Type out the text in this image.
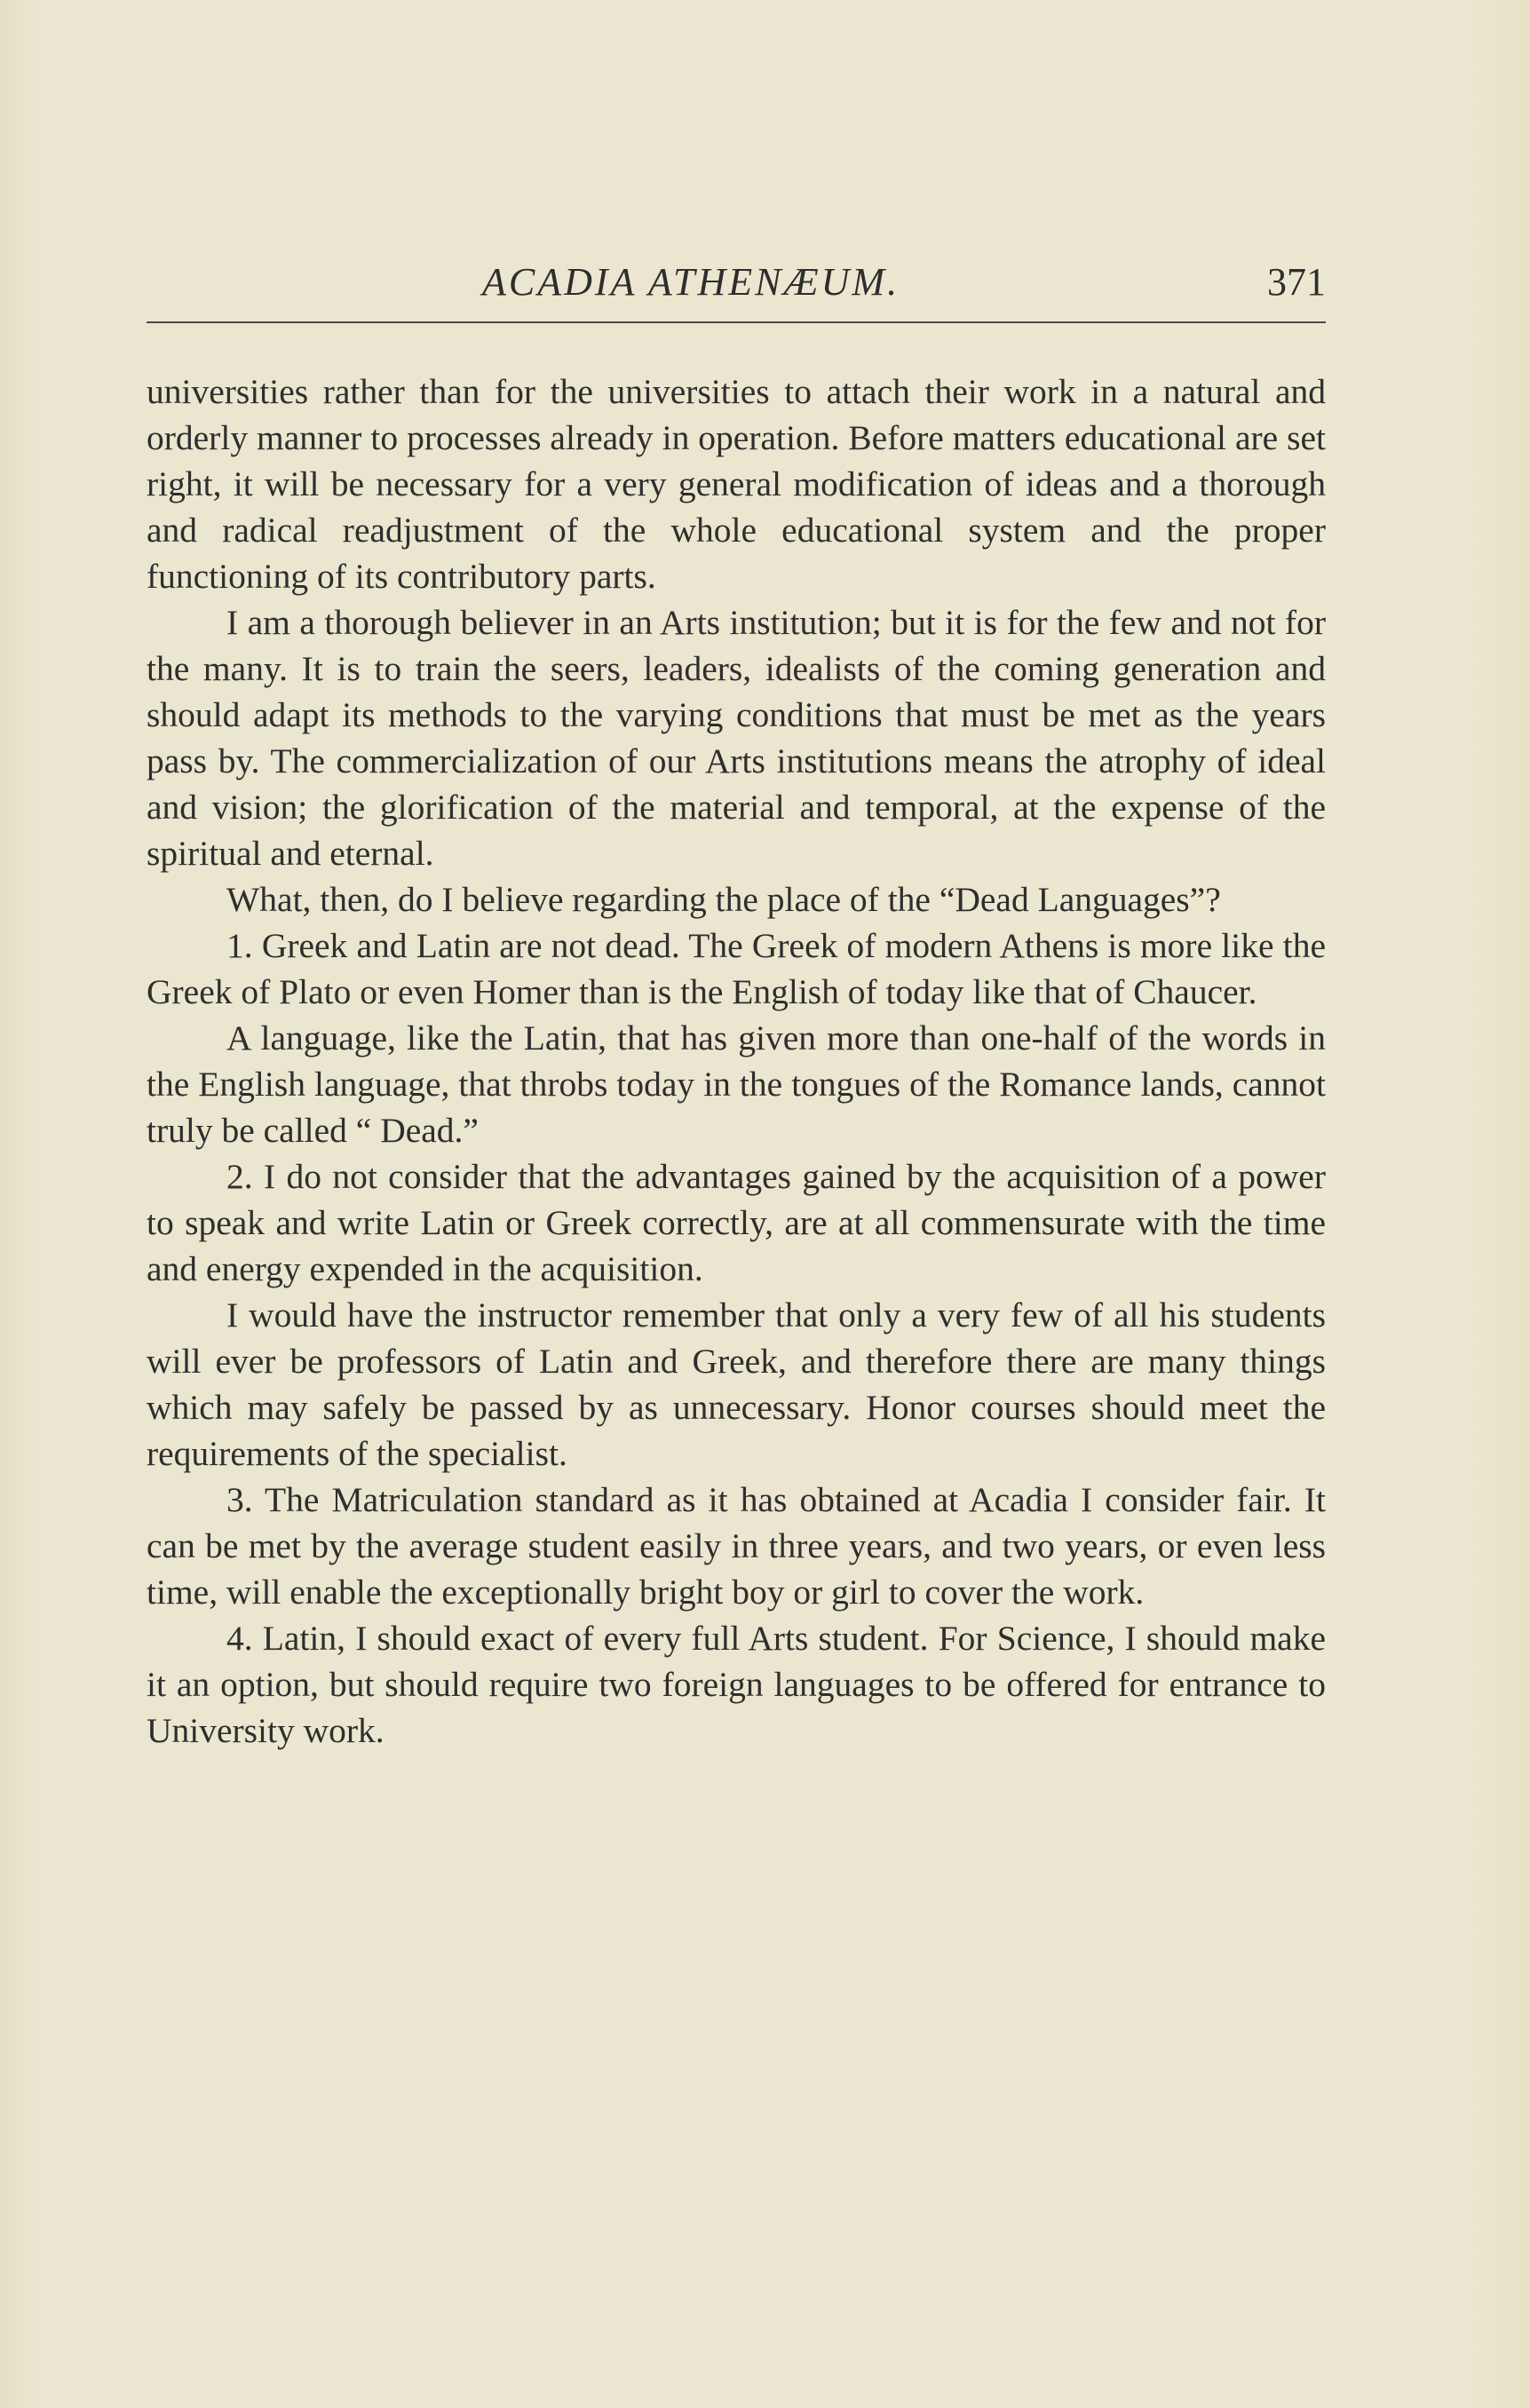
ACADIA ATHENÆUM.	371

universities rather than for the universities to attach their work in a natural and orderly manner to processes already in operation. Before matters educational are set right, it will be necessary for a very general modification of ideas and a thorough and radical readjustment of the whole educational system and the proper functioning of its contributory parts.

I am a thorough believer in an Arts institution; but it is for the few and not for the many. It is to train the seers, leaders, idealists of the coming generation and should adapt its methods to the varying conditions that must be met as the years pass by. The commercialization of our Arts institutions means the atrophy of ideal and vision; the glorification of the material and temporal, at the expense of the spiritual and eternal.

What, then, do I believe regarding the place of the “Dead Languages”?

1. Greek and Latin are not dead. The Greek of modern Athens is more like the Greek of Plato or even Homer than is the English of today like that of Chaucer.

A language, like the Latin, that has given more than one-half of the words in the English language, that throbs today in the tongues of the Romance lands, cannot truly be called “ Dead.”

2. I do not consider that the advantages gained by the acquisition of a power to speak and write Latin or Greek correctly, are at all commensurate with the time and energy expended in the acquisition.

I would have the instructor remember that only a very few of all his students will ever be professors of Latin and Greek, and therefore there are many things which may safely be passed by as unnecessary. Honor courses should meet the requirements of the specialist.

3. The Matriculation standard as it has obtained at Acadia I consider fair. It can be met by the average student easily in three years, and two years, or even less time, will enable the exceptionally bright boy or girl to cover the work.

4. Latin, I should exact of every full Arts student. For Science, I should make it an option, but should require two foreign languages to be offered for entrance to University work.
